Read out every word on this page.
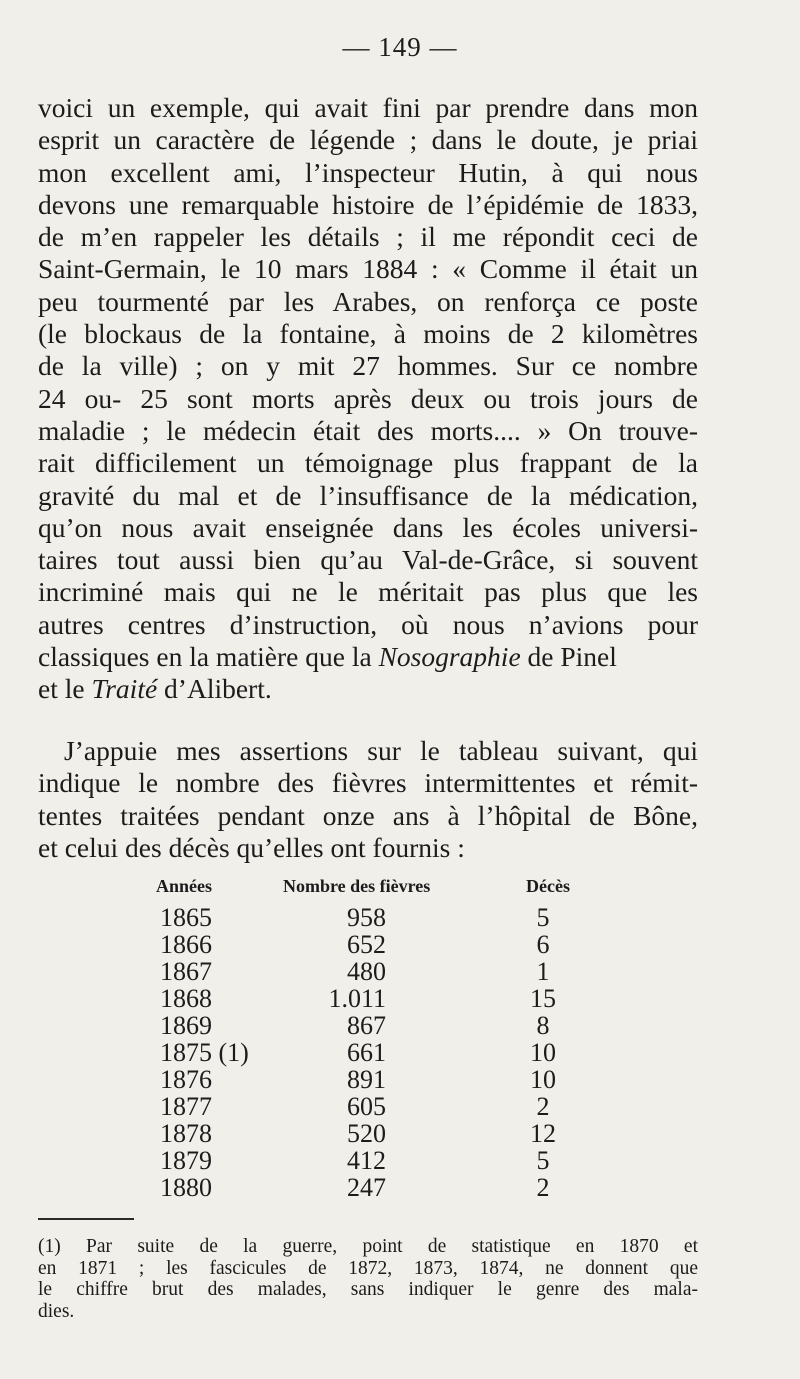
— 149 —
voici un exemple, qui avait fini par prendre dans mon
esprit un caractère de légende ; dans le doute, je priai
mon excellent ami, l’inspecteur Hutin, à qui nous
devons une remarquable histoire de l’épidémie de 1833,
de m’en rappeler les détails ; il me répondit ceci de
Saint-Germain, le 10 mars 1884 : « Comme il était un
peu tourmenté par les Arabes, on renforça ce poste
(le blockaus de la fontaine, à moins de 2 kilomètres
de la ville) ; on y mit 27 hommes. Sur ce nombre
24 ou- 25 sont morts après deux ou trois jours de
maladie ; le médecin était des morts.... » On trouve-
rait difficilement un témoignage plus frappant de la
gravité du mal et de l’insuffisance de la médication,
qu’on nous avait enseignée dans les écoles universi-
taires tout aussi bien qu’au Val-de-Grâce, si souvent
incriminé mais qui ne le méritait pas plus que les
autres centres d’instruction, où nous n’avions pour
classiques en la matière que la Nosographie de Pinel
et le Traité d’Alibert.
J’appuie mes assertions sur le tableau suivant, qui
indique le nombre des fièvres intermittentes et rémit-
tentes traitées pendant onze ans à l’hôpital de Bône,
et celui des décès qu’elles ont fournis :
Années	Nombre des fièvres	Décès
1865	958	5
1866	652	6
1867	480	1
1868	1.011	15
1869	867	8
1875 (1)	661	10
1876	891	10
1877	605	2
1878	520	12
1879	412	5
1880	247	2
(1) Par suite de la guerre, point de statistique en 1870 et
en 1871 ; les fascicules de 1872, 1873, 1874, ne donnent que
le chiffre brut des malades, sans indiquer le genre des mala-
dies.
